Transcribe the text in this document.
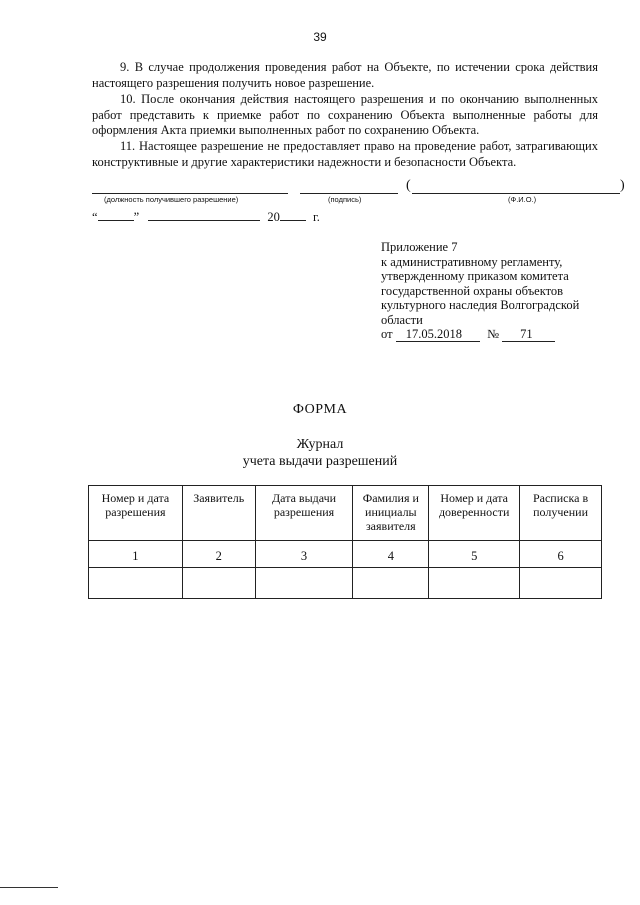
39

9. В случае продолжения проведения работ на Объекте, по истечении срока действия настоящего разрешения получить новое разрешение.

10. После окончания действия настоящего разрешения и по окончанию выполненных работ представить к приемке работ по сохранению Объекта выполненные работы для оформления Акта приемки выполненных работ по сохранению Объекта.

11. Настоящее разрешение не предоставляет право на проведение работ, затрагивающих конструктивные и другие характеристики надежности и безопасности Объекта.

(	)
(должность получившего разрешение)	(подпись)	(Ф.И.О.)
“	”	20	г.
Приложение 7
к административному регламенту,
утвержденному приказом комитета
государственной охраны объектов
культурного наследия Волгоградской
области
от 17.05.2018 № 71
ФОРМА
Журнал
учета выдачи разрешений
Номер и дата разрешения	Заявитель	Дата выдачи разрешения	Фамилия и инициалы заявителя	Номер и дата доверенности	Расписка в получении
1	2	3	4	5	6
